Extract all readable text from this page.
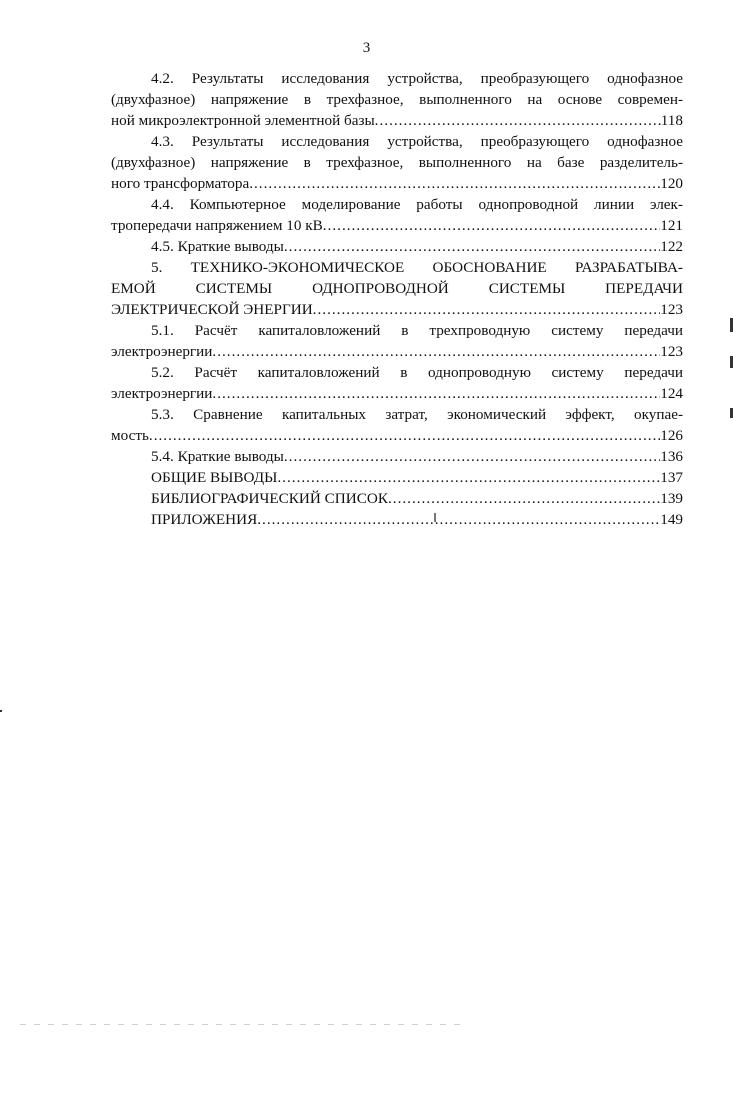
3
4.2. Результаты исследования устройства, преобразующего однофазное
(двухфазное) напряжение в трехфазное, выполненного на основе современ-
ной микроэлектронной элементной базы .....	118
4.3. Результаты исследования устройства, преобразующего однофазное
(двухфазное) напряжение в трехфазное, выполненного на базе разделитель-
ного трансформатора .....	120
4.4. Компьютерное моделирование работы однопроводной линии элек-
тропередачи напряжением 10 кВ .....	121
4.5. Краткие выводы .....	122
5. ТЕХНИКО-ЭКОНОМИЧЕСКОЕ ОБОСНОВАНИЕ РАЗРАБАТЫВА-
ЕМОЙ СИСТЕМЫ ОДНОПРОВОДНОЙ СИСТЕМЫ ПЕРЕДАЧИ
ЭЛЕКТРИЧЕСКОЙ ЭНЕРГИИ .....	123
5.1. Расчёт капиталовложений в трехпроводную систему передачи
электроэнергии .....	123
5.2. Расчёт капиталовложений в однопроводную систему передачи
электроэнергии .....	124
5.3. Сравнение капитальных затрат, экономический эффект, окупае-
мость .....	126
5.4. Краткие выводы .....	136
ОБЩИЕ ВЫВОДЫ .....	137
БИБЛИОГРАФИЧЕСКИЙ СПИСОК .....	139
ПРИЛОЖЕНИЯ .....	149
